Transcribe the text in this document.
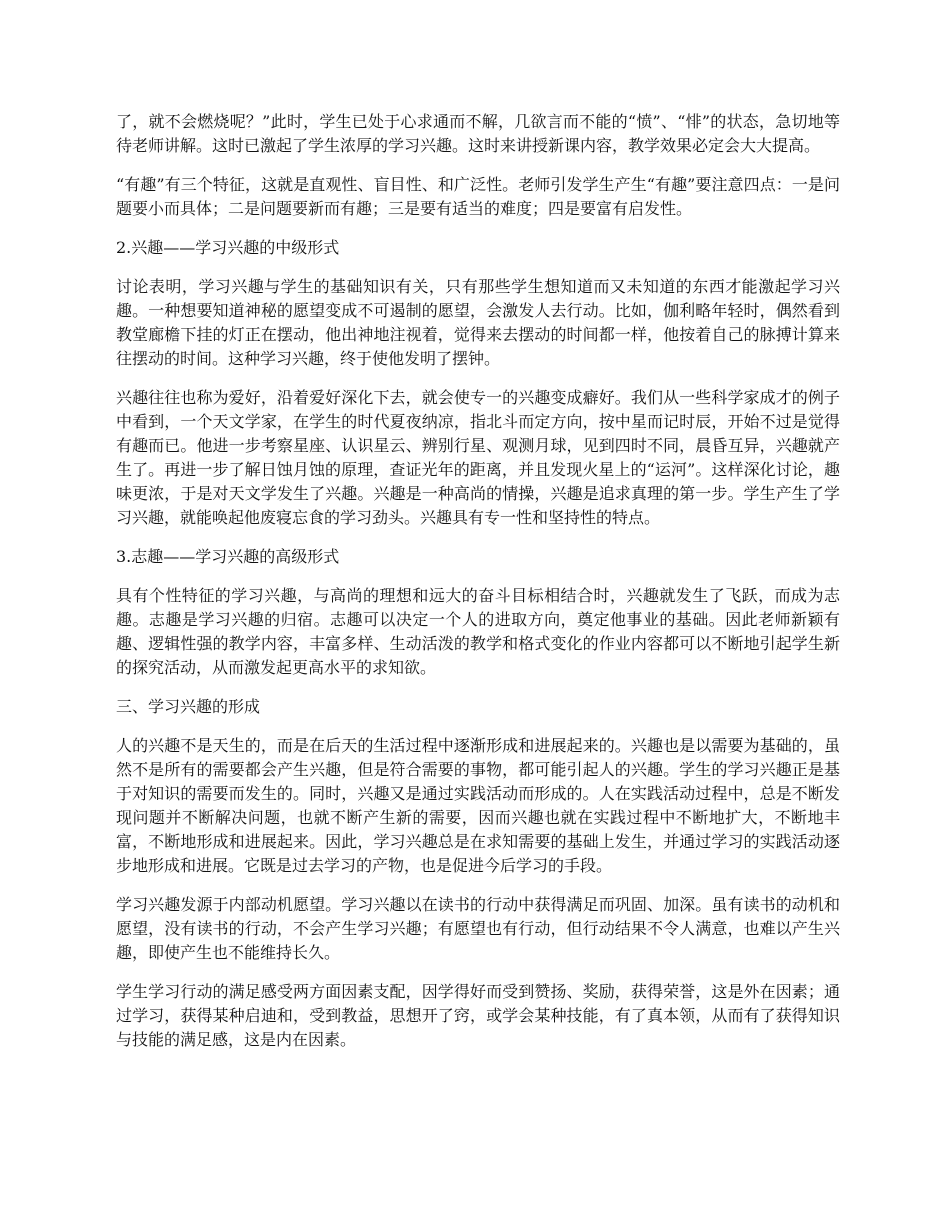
了，就不会燃烧呢？”此时，学生已处于心求通而不解，几欲言而不能的“愤”、“悱”的状态，急切地等待老师讲解。这时已激起了学生浓厚的学习兴趣。这时来讲授新课内容，教学效果必定会大大提高。

“有趣”有三个特征，这就是直观性、盲目性、和广泛性。老师引发学生产生“有趣”要注意四点：一是问题要小而具体；二是问题要新而有趣；三是要有适当的难度；四是要富有启发性。

2.兴趣——学习兴趣的中级形式

讨论表明，学习兴趣与学生的基础知识有关，只有那些学生想知道而又未知道的东西才能激起学习兴趣。一种想要知道神秘的愿望变成不可遏制的愿望，会激发人去行动。比如，伽利略年轻时，偶然看到教堂廊檐下挂的灯正在摆动，他出神地注视着，觉得来去摆动的时间都一样，他按着自己的脉搏计算来往摆动的时间。这种学习兴趣，终于使他发明了摆钟。

兴趣往往也称为爱好，沿着爱好深化下去，就会使专一的兴趣变成癖好。我们从一些科学家成才的例子中看到，一个天文学家，在学生的时代夏夜纳凉，指北斗而定方向，按中星而记时辰，开始不过是觉得有趣而已。他进一步考察星座、认识星云、辨别行星、观测月球，见到四时不同，晨昏互异，兴趣就产生了。再进一步了解日蚀月蚀的原理，查证光年的距离，并且发现火星上的“运河”。这样深化讨论，趣味更浓，于是对天文学发生了兴趣。兴趣是一种高尚的情操，兴趣是追求真理的第一步。学生产生了学习兴趣，就能唤起他废寝忘食的学习劲头。兴趣具有专一性和坚持性的特点。

3.志趣——学习兴趣的高级形式

具有个性特征的学习兴趣，与高尚的理想和远大的奋斗目标相结合时，兴趣就发生了飞跃，而成为志趣。志趣是学习兴趣的归宿。志趣可以决定一个人的进取方向，奠定他事业的基础。因此老师新颖有趣、逻辑性强的教学内容，丰富多样、生动活泼的教学和格式变化的作业内容都可以不断地引起学生新的探究活动，从而激发起更高水平的求知欲。

三、学习兴趣的形成

人的兴趣不是天生的，而是在后天的生活过程中逐渐形成和进展起来的。兴趣也是以需要为基础的，虽然不是所有的需要都会产生兴趣，但是符合需要的事物，都可能引起人的兴趣。学生的学习兴趣正是基于对知识的需要而发生的。同时，兴趣又是通过实践活动而形成的。人在实践活动过程中，总是不断发现问题并不断解决问题，也就不断产生新的需要，因而兴趣也就在实践过程中不断地扩大，不断地丰富，不断地形成和进展起来。因此，学习兴趣总是在求知需要的基础上发生，并通过学习的实践活动逐步地形成和进展。它既是过去学习的产物，也是促进今后学习的手段。

学习兴趣发源于内部动机愿望。学习兴趣以在读书的行动中获得满足而巩固、加深。虽有读书的动机和愿望，没有读书的行动，不会产生学习兴趣；有愿望也有行动，但行动结果不令人满意，也难以产生兴趣，即使产生也不能维持长久。

学生学习行动的满足感受两方面因素支配，因学得好而受到赞扬、奖励，获得荣誉，这是外在因素；通过学习，获得某种启迪和，受到教益，思想开了窍，或学会某种技能，有了真本领，从而有了获得知识与技能的满足感，这是内在因素。
